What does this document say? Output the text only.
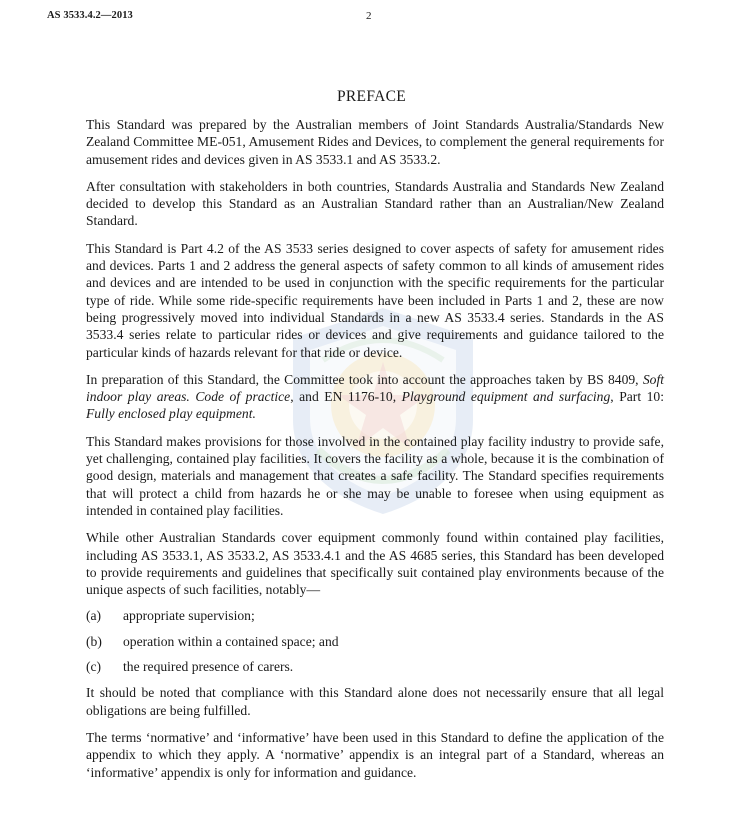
AS 3533.4.2—2013	2
PREFACE

This Standard was prepared by the Australian members of Joint Standards Australia/Standards New Zealand Committee ME-051, Amusement Rides and Devices, to complement the general requirements for amusement rides and devices given in AS 3533.1 and AS 3533.2.

After consultation with stakeholders in both countries, Standards Australia and Standards New Zealand decided to develop this Standard as an Australian Standard rather than an Australian/New Zealand Standard.

This Standard is Part 4.2 of the AS 3533 series designed to cover aspects of safety for amusement rides and devices. Parts 1 and 2 address the general aspects of safety common to all kinds of amusement rides and devices and are intended to be used in conjunction with the specific requirements for the particular type of ride. While some ride-specific requirements have been included in Parts 1 and 2, these are now being progressively moved into individual Standards in a new AS 3533.4 series. Standards in the AS 3533.4 series relate to particular rides or devices and give requirements and guidance tailored to the particular kinds of hazards relevant for that ride or device.

In preparation of this Standard, the Committee took into account the approaches taken by BS 8409, Soft indoor play areas. Code of practice, and EN 1176-10, Playground equipment and surfacing, Part 10: Fully enclosed play equipment.

This Standard makes provisions for those involved in the contained play facility industry to provide safe, yet challenging, contained play facilities. It covers the facility as a whole, because it is the combination of good design, materials and management that creates a safe facility. The Standard specifies requirements that will protect a child from hazards he or she may be unable to foresee when using equipment as intended in contained play facilities.

While other Australian Standards cover equipment commonly found within contained play facilities, including AS 3533.1, AS 3533.2, AS 3533.4.1 and the AS 4685 series, this Standard has been developed to provide requirements and guidelines that specifically suit contained play environments because of the unique aspects of such facilities, notably—

(a)	appropriate supervision;
(b)	operation within a contained space; and
(c)	the required presence of carers.

It should be noted that compliance with this Standard alone does not necessarily ensure that all legal obligations are being fulfilled.

The terms ‘normative’ and ‘informative’ have been used in this Standard to define the application of the appendix to which they apply. A ‘normative’ appendix is an integral part of a Standard, whereas an ‘informative’ appendix is only for information and guidance.
